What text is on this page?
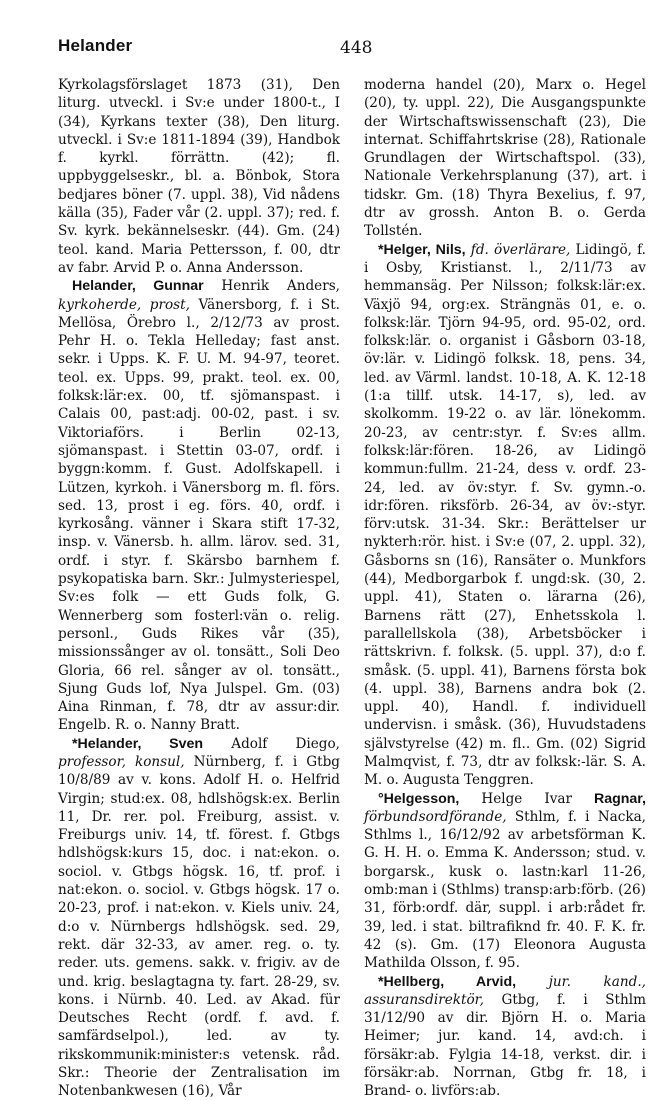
Helander	448

Kyrkolagsförslaget 1873 (31), Den liturg. utveckl. i Sv:e under 1800-t., I (34), Kyrkans texter (38), Den liturg. utveckl. i Sv:e 1811-1894 (39), Handbok f. kyrkl. förrättn. (42); fl. uppbyggelseskr., bl. a. Bönbok, Stora bedjares böner (7. uppl. 38), Vid nådens källa (35), Fader vår (2. uppl. 37); red. f. Sv. kyrk. bekännelseskr. (44). Gm. (24) teol. kand. Maria Pettersson, f. 00, dtr av fabr. Arvid P. o. Anna Andersson.

Helander, Gunnar Henrik Anders, kyrkoherde, prost, Vänersborg, f. i St. Mellösa, Örebro l., 2/12/73 av prost. Pehr H. o. Tekla Helleday; fast anst. sekr. i Upps. K. F. U. M. 94-97, teoret. teol. ex. Upps. 99, prakt. teol. ex. 00, folksk:lär:ex. 00, tf. sjömanspast. i Calais 00, past:adj. 00-02, past. i sv. Viktoriaförs. i Berlin 02-13, sjömanspast. i Stettin 03-07, ordf. i byggn:komm. f. Gust. Adolfskapell. i Lützen, kyrkoh. i Vänersborg m. fl. förs. sed. 13, prost i eg. förs. 40, ordf. i kyrkosång. vänner i Skara stift 17-32, insp. v. Vänersb. h. allm. lärov. sed. 31, ordf. i styr. f. Skärsbo barnhem f. psykopatiska barn. Skr.: Julmysteriespel, Sv:es folk — ett Guds folk, G. Wennerberg som fosterl:vän o. relig. personl., Guds Rikes vår (35), missionssånger av ol. tonsätt., Soli Deo Gloria, 66 rel. sånger av ol. tonsätt., Sjung Guds lof, Nya Julspel. Gm. (03) Aina Rinman, f. 78, dtr av assur:dir. Engelb. R. o. Nanny Bratt.

*Helander, Sven Adolf Diego, professor, konsul, Nürnberg, f. i Gtbg 10/8/89 av v. kons. Adolf H. o. Helfrid Virgin; stud:ex. 08, hdlshögsk:ex. Berlin 11, Dr. rer. pol. Freiburg, assist. v. Freiburgs univ. 14, tf. förest. f. Gtbgs hdlshögsk:kurs 15, doc. i nat:ekon. o. sociol. v. Gtbgs högsk. 16, tf. prof. i nat:ekon. o. sociol. v. Gtbgs högsk. 17 o. 20-23, prof. i nat:ekon. v. Kiels univ. 24, d:o v. Nürnbergs hdlshögsk. sed. 29, rekt. där 32-33, av amer. reg. o. ty. reder. uts. gemens. sakk. v. frigiv. av de und. krig. beslagtagna ty. fart. 28-29, sv. kons. i Nürnb. 40. Led. av Akad. für Deutsches Recht (ordf. f. avd. f. samfärdselpol.), led. av ty. rikskommunik:minister:s vetensk. råd. Skr.: Theorie der Zentralisation im Notenbankwesen (16), Vår

moderna handel (20), Marx o. Hegel (20), ty. uppl. 22), Die Ausgangspunkte der Wirtschaftswissenschaft (23), Die internat. Schiffahrtskrise (28), Rationale Grundlagen der Wirtschaftspol. (33), Nationale Verkehrsplanung (37), art. i tidskr. Gm. (18) Thyra Bexelius, f. 97, dtr av grossh. Anton B. o. Gerda Tollstén.

*Helger, Nils, fd. överlärare, Lidingö, f. i Osby, Kristianst. l., 2/11/73 av hemmansäg. Per Nilsson; folksk:lär:ex. Växjö 94, org:ex. Strängnäs 01, e. o. folksk:lär. Tjörn 94-95, ord. 95-02, ord. folksk:lär. o. organist i Gåsborn 03-18, öv:lär. v. Lidingö folksk. 18, pens. 34, led. av Värml. landst. 10-18, A. K. 12-18 (1:a tillf. utsk. 14-17, s), led. av skolkomm. 19-22 o. av lär. lönekomm. 20-23, av centr:styr. f. Sv:es allm. folksk:lär:fören. 18-26, av Lidingö kommun:fullm. 21-24, dess v. ordf. 23-24, led. av öv:styr. f. Sv. gymn.-o. idr:fören. riksförb. 26-34, av öv:-styr. förv:utsk. 31-34. Skr.: Berättelser ur nykterh:rör. hist. i Sv:e (07, 2. uppl. 32), Gåsborns sn (16), Ransäter o. Munkfors (44), Medborgarbok f. ungd:sk. (30, 2. uppl. 41), Staten o. lärarna (26), Barnens rätt (27), Enhetsskola l. parallellskola (38), Arbetsböcker i rättskrivn. f. folksk. (5. uppl. 37), d:o f. småsk. (5. uppl. 41), Barnens första bok (4. uppl. 38), Barnens andra bok (2. uppl. 40), Handl. f. individuell undervisn. i småsk. (36), Huvudstadens självstyrelse (42) m. fl.. Gm. (02) Sigrid Malmqvist, f. 73, dtr av folksk:-lär. S. A. M. o. Augusta Tenggren.

°Helgesson, Helge Ivar Ragnar, förbundsordförande, Sthlm, f. i Nacka, Sthlms l., 16/12/92 av arbetsförman K. G. H. H. o. Emma K. Andersson; stud. v. borgarsk., kusk o. lastn:karl 11-26, omb:man i (Sthlms) transp:arb:förb. (26) 31, förb:ordf. där, suppl. i arb:rådet fr. 39, led. i stat. biltrafiknd fr. 40. F. K. fr. 42 (s). Gm. (17) Eleonora Augusta Mathilda Olsson, f. 95.

*Hellberg, Arvid, jur. kand., assuransdirektör, Gtbg, f. i Sthlm 31/12/90 av dir. Björn H. o. Maria Heimer; jur. kand. 14, avd:ch. i försäkr:ab. Fylgia 14-18, verkst. dir. i försäkr:ab. Norrnan, Gtbg fr. 18, i Brand- o. livförs:ab.
